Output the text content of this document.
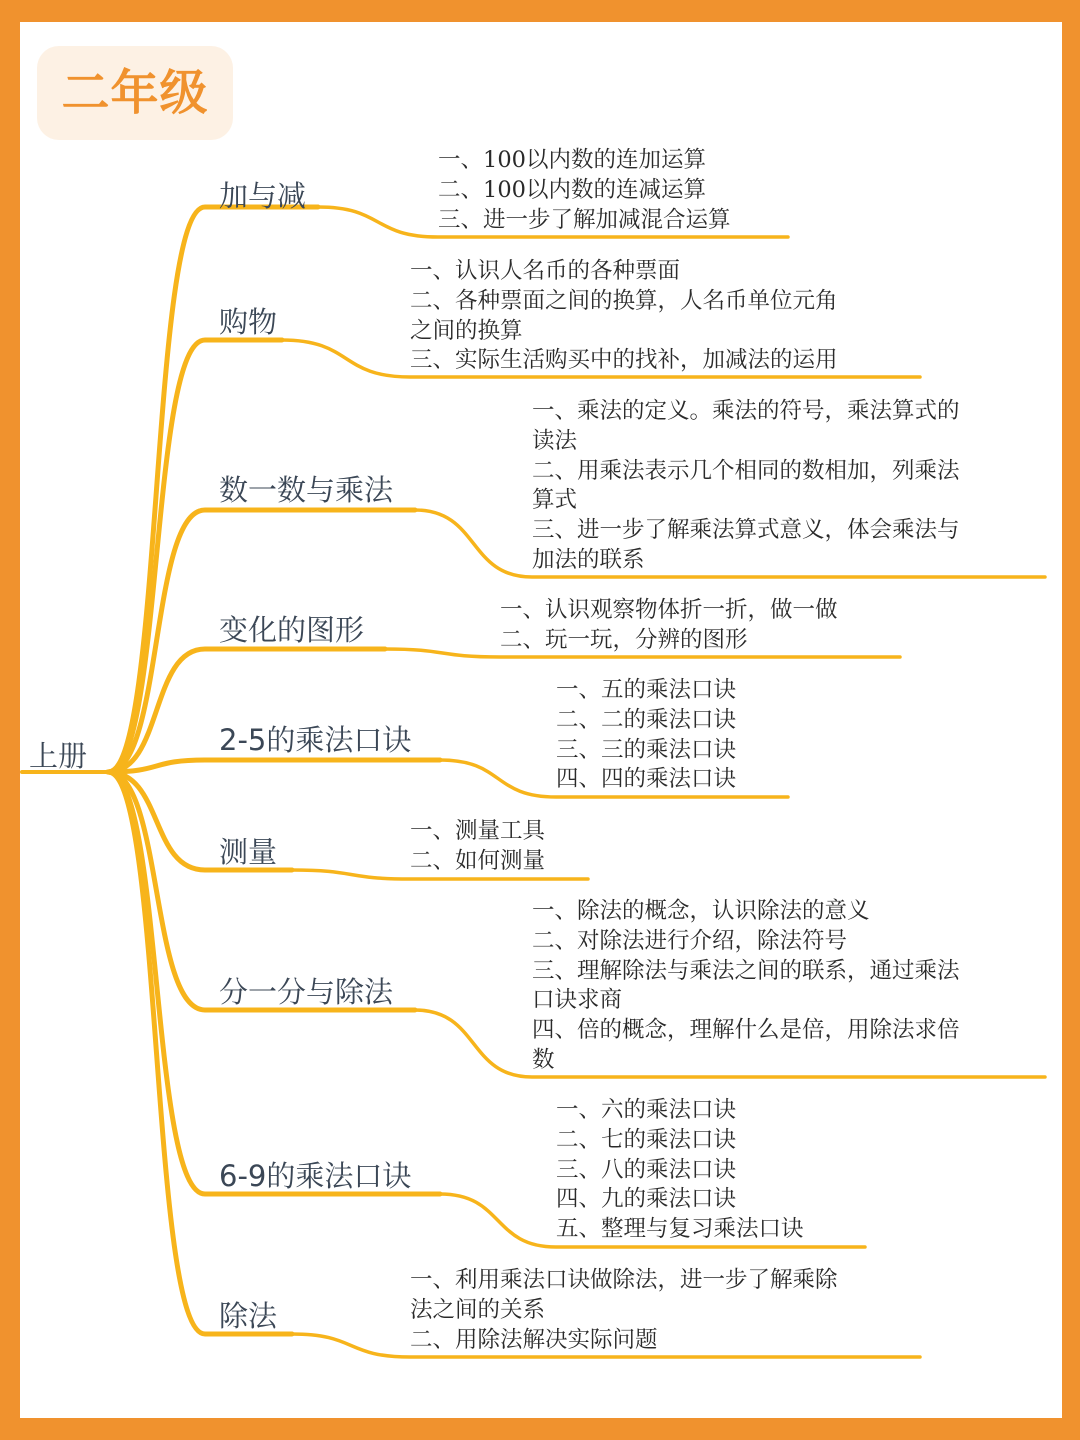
二年级
上册
加与减
一、100以内数的连加运算
二、100以内数的连减运算
三、进一步了解加减混合运算
购物
一、认识人名币的各种票面
二、各种票面之间的换算，人名币单位元角
之间的换算
三、实际生活购买中的找补，加减法的运用
数一数与乘法
一、乘法的定义。乘法的符号，乘法算式的
读法
二、用乘法表示几个相同的数相加，列乘法
算式
三、进一步了解乘法算式意义，体会乘法与
加法的联系
变化的图形
一、认识观察物体折一折，做一做
二、玩一玩，分辨的图形
2-5的乘法口诀
一、五的乘法口诀
二、二的乘法口诀
三、三的乘法口诀
四、四的乘法口诀
测量
一、测量工具
二、如何测量
分一分与除法
一、除法的概念，认识除法的意义
二、对除法进行介绍，除法符号
三、理解除法与乘法之间的联系，通过乘法
口诀求商
四、倍的概念，理解什么是倍，用除法求倍
数
6-9的乘法口诀
一、六的乘法口诀
二、七的乘法口诀
三、八的乘法口诀
四、九的乘法口诀
五、整理与复习乘法口诀
除法
一、利用乘法口诀做除法，进一步了解乘除
法之间的关系
二、用除法解决实际问题
